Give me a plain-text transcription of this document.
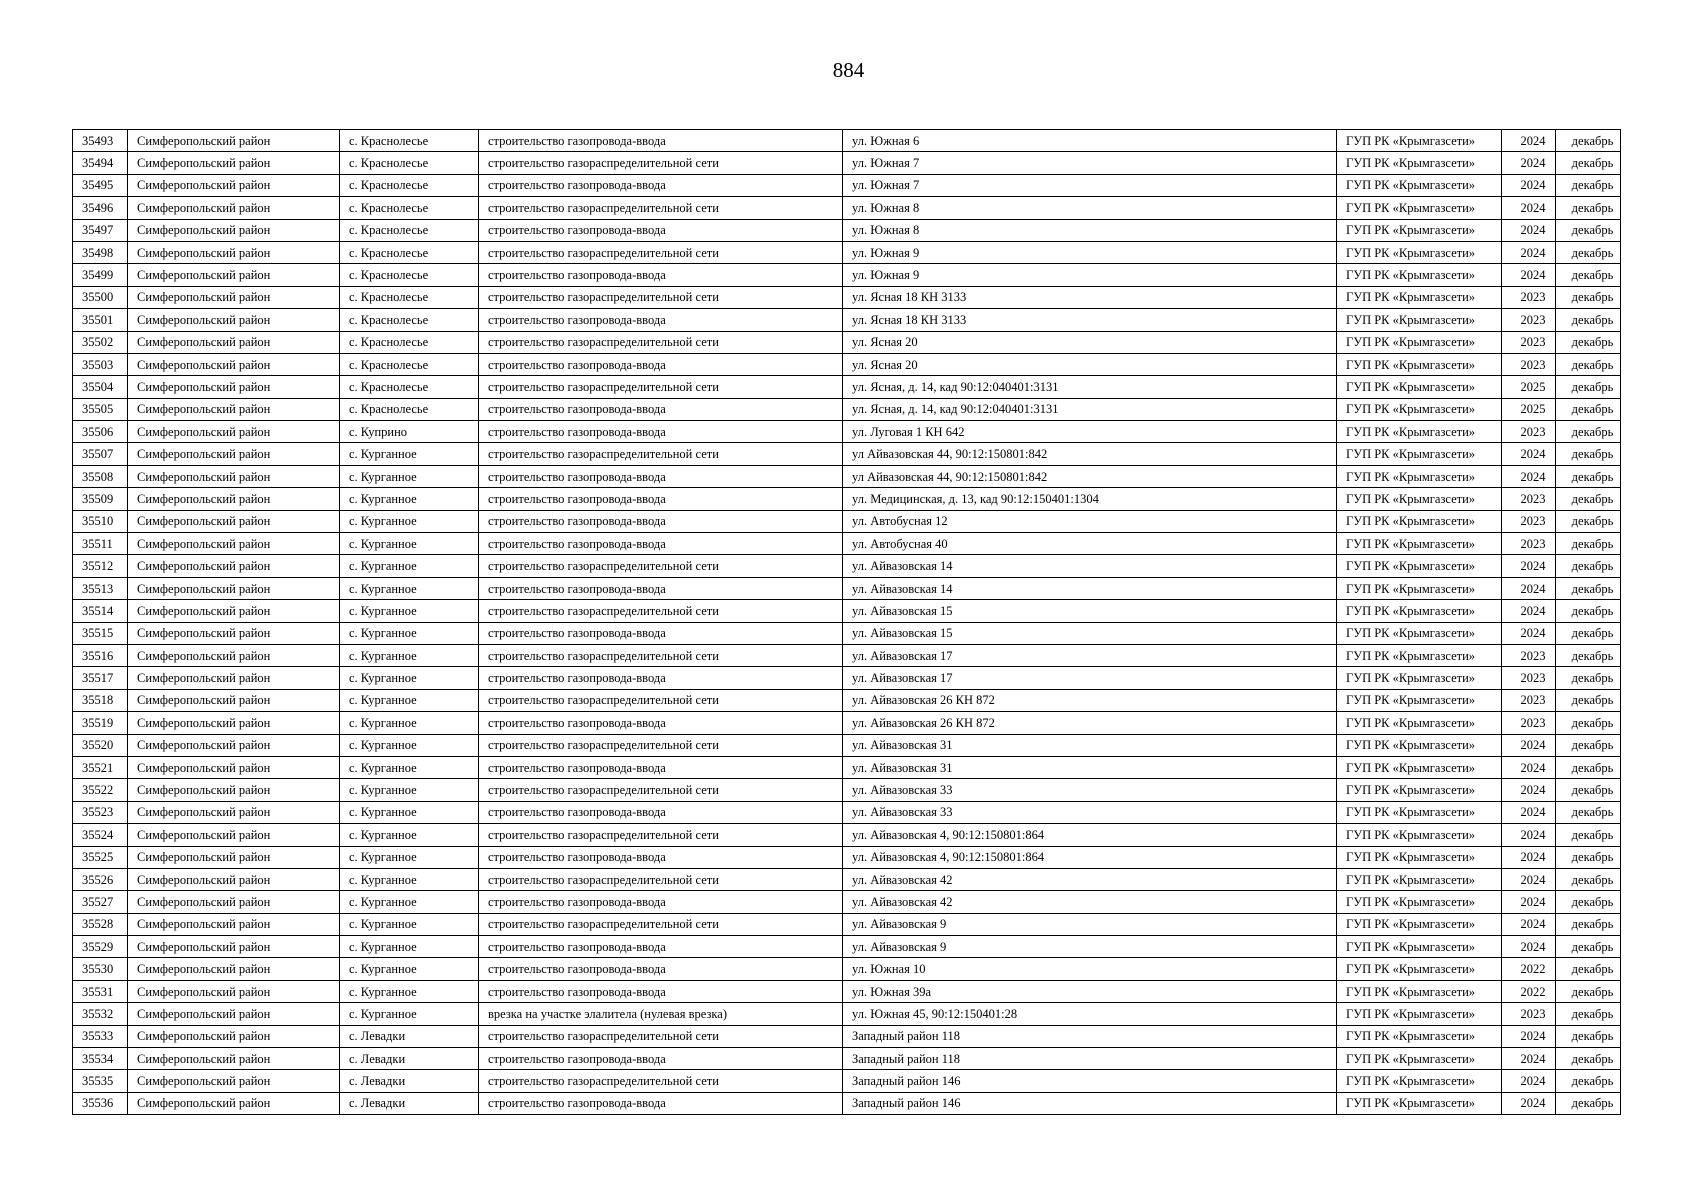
884
35493	Симферопольский район	с. Краснолесье	строительство газопровода-ввода	ул. Южная 6	ГУП РК «Крымгазсети»	2024	декабрь
35494	Симферопольский район	с. Краснолесье	строительство газораспределительной сети	ул. Южная 7	ГУП РК «Крымгазсети»	2024	декабрь
35495	Симферопольский район	с. Краснолесье	строительство газопровода-ввода	ул. Южная 7	ГУП РК «Крымгазсети»	2024	декабрь
35496	Симферопольский район	с. Краснолесье	строительство газораспределительной сети	ул. Южная 8	ГУП РК «Крымгазсети»	2024	декабрь
35497	Симферопольский район	с. Краснолесье	строительство газопровода-ввода	ул. Южная 8	ГУП РК «Крымгазсети»	2024	декабрь
35498	Симферопольский район	с. Краснолесье	строительство газораспределительной сети	ул. Южная 9	ГУП РК «Крымгазсети»	2024	декабрь
35499	Симферопольский район	с. Краснолесье	строительство газопровода-ввода	ул. Южная 9	ГУП РК «Крымгазсети»	2024	декабрь
35500	Симферопольский район	с. Краснолесье	строительство газораспределительной сети	ул. Ясная 18 КН 3133	ГУП РК «Крымгазсети»	2023	декабрь
35501	Симферопольский район	с. Краснолесье	строительство газопровода-ввода	ул. Ясная 18 КН 3133	ГУП РК «Крымгазсети»	2023	декабрь
35502	Симферопольский район	с. Краснолесье	строительство газораспределительной сети	ул. Ясная 20	ГУП РК «Крымгазсети»	2023	декабрь
35503	Симферопольский район	с. Краснолесье	строительство газопровода-ввода	ул. Ясная 20	ГУП РК «Крымгазсети»	2023	декабрь
35504	Симферопольский район	с. Краснолесье	строительство газораспределительной сети	ул. Ясная, д. 14, кад 90:12:040401:3131	ГУП РК «Крымгазсети»	2025	декабрь
35505	Симферопольский район	с. Краснолесье	строительство газопровода-ввода	ул. Ясная, д. 14, кад 90:12:040401:3131	ГУП РК «Крымгазсети»	2025	декабрь
35506	Симферопольский район	с. Куприно	строительство газопровода-ввода	ул. Луговая 1 КН 642	ГУП РК «Крымгазсети»	2023	декабрь
35507	Симферопольский район	с. Курганное	строительство газораспределительной сети	ул Айвазовская 44, 90:12:150801:842	ГУП РК «Крымгазсети»	2024	декабрь
35508	Симферопольский район	с. Курганное	строительство газопровода-ввода	ул Айвазовская 44, 90:12:150801:842	ГУП РК «Крымгазсети»	2024	декабрь
35509	Симферопольский район	с. Курганное	строительство газопровода-ввода	ул. Медицинская, д. 13, кад 90:12:150401:1304	ГУП РК «Крымгазсети»	2023	декабрь
35510	Симферопольский район	с. Курганное	строительство газопровода-ввода	ул. Автобусная 12	ГУП РК «Крымгазсети»	2023	декабрь
35511	Симферопольский район	с. Курганное	строительство газопровода-ввода	ул. Автобусная 40	ГУП РК «Крымгазсети»	2023	декабрь
35512	Симферопольский район	с. Курганное	строительство газораспределительной сети	ул. Айвазовская 14	ГУП РК «Крымгазсети»	2024	декабрь
35513	Симферопольский район	с. Курганное	строительство газопровода-ввода	ул. Айвазовская 14	ГУП РК «Крымгазсети»	2024	декабрь
35514	Симферопольский район	с. Курганное	строительство газораспределительной сети	ул. Айвазовская 15	ГУП РК «Крымгазсети»	2024	декабрь
35515	Симферопольский район	с. Курганное	строительство газопровода-ввода	ул. Айвазовская 15	ГУП РК «Крымгазсети»	2024	декабрь
35516	Симферопольский район	с. Курганное	строительство газораспределительной сети	ул. Айвазовская 17	ГУП РК «Крымгазсети»	2023	декабрь
35517	Симферопольский район	с. Курганное	строительство газопровода-ввода	ул. Айвазовская 17	ГУП РК «Крымгазсети»	2023	декабрь
35518	Симферопольский район	с. Курганное	строительство газораспределительной сети	ул. Айвазовская 26 КН 872	ГУП РК «Крымгазсети»	2023	декабрь
35519	Симферопольский район	с. Курганное	строительство газопровода-ввода	ул. Айвазовская 26 КН 872	ГУП РК «Крымгазсети»	2023	декабрь
35520	Симферопольский район	с. Курганное	строительство газораспределительной сети	ул. Айвазовская 31	ГУП РК «Крымгазсети»	2024	декабрь
35521	Симферопольский район	с. Курганное	строительство газопровода-ввода	ул. Айвазовская 31	ГУП РК «Крымгазсети»	2024	декабрь
35522	Симферопольский район	с. Курганное	строительство газораспределительной сети	ул. Айвазовская 33	ГУП РК «Крымгазсети»	2024	декабрь
35523	Симферопольский район	с. Курганное	строительство газопровода-ввода	ул. Айвазовская 33	ГУП РК «Крымгазсети»	2024	декабрь
35524	Симферопольский район	с. Курганное	строительство газораспределительной сети	ул. Айвазовская 4, 90:12:150801:864	ГУП РК «Крымгазсети»	2024	декабрь
35525	Симферопольский район	с. Курганное	строительство газопровода-ввода	ул. Айвазовская 4, 90:12:150801:864	ГУП РК «Крымгазсети»	2024	декабрь
35526	Симферопольский район	с. Курганное	строительство газораспределительной сети	ул. Айвазовская 42	ГУП РК «Крымгазсети»	2024	декабрь
35527	Симферопольский район	с. Курганное	строительство газопровода-ввода	ул. Айвазовская 42	ГУП РК «Крымгазсети»	2024	декабрь
35528	Симферопольский район	с. Курганное	строительство газораспределительной сети	ул. Айвазовская 9	ГУП РК «Крымгазсети»	2024	декабрь
35529	Симферопольский район	с. Курганное	строительство газопровода-ввода	ул. Айвазовская 9	ГУП РК «Крымгазсети»	2024	декабрь
35530	Симферопольский район	с. Курганное	строительство газопровода-ввода	ул. Южная 10	ГУП РК «Крымгазсети»	2022	декабрь
35531	Симферопольский район	с. Курганное	строительство газопровода-ввода	ул. Южная 39а	ГУП РК «Крымгазсети»	2022	декабрь
35532	Симферопольский район	с. Курганное	врезка на участке элалитела (нулевая врезка)	ул. Южная 45, 90:12:150401:28	ГУП РК «Крымгазсети»	2023	декабрь
35533	Симферопольский район	с. Левадки	строительство газораспределительной сети	Западный район 118	ГУП РК «Крымгазсети»	2024	декабрь
35534	Симферопольский район	с. Левадки	строительство газопровода-ввода	Западный район 118	ГУП РК «Крымгазсети»	2024	декабрь
35535	Симферопольский район	с. Левадки	строительство газораспределительной сети	Западный район 146	ГУП РК «Крымгазсети»	2024	декабрь
35536	Симферопольский район	с. Левадки	строительство газопровода-ввода	Западный район 146	ГУП РК «Крымгазсети»	2024	декабрь
